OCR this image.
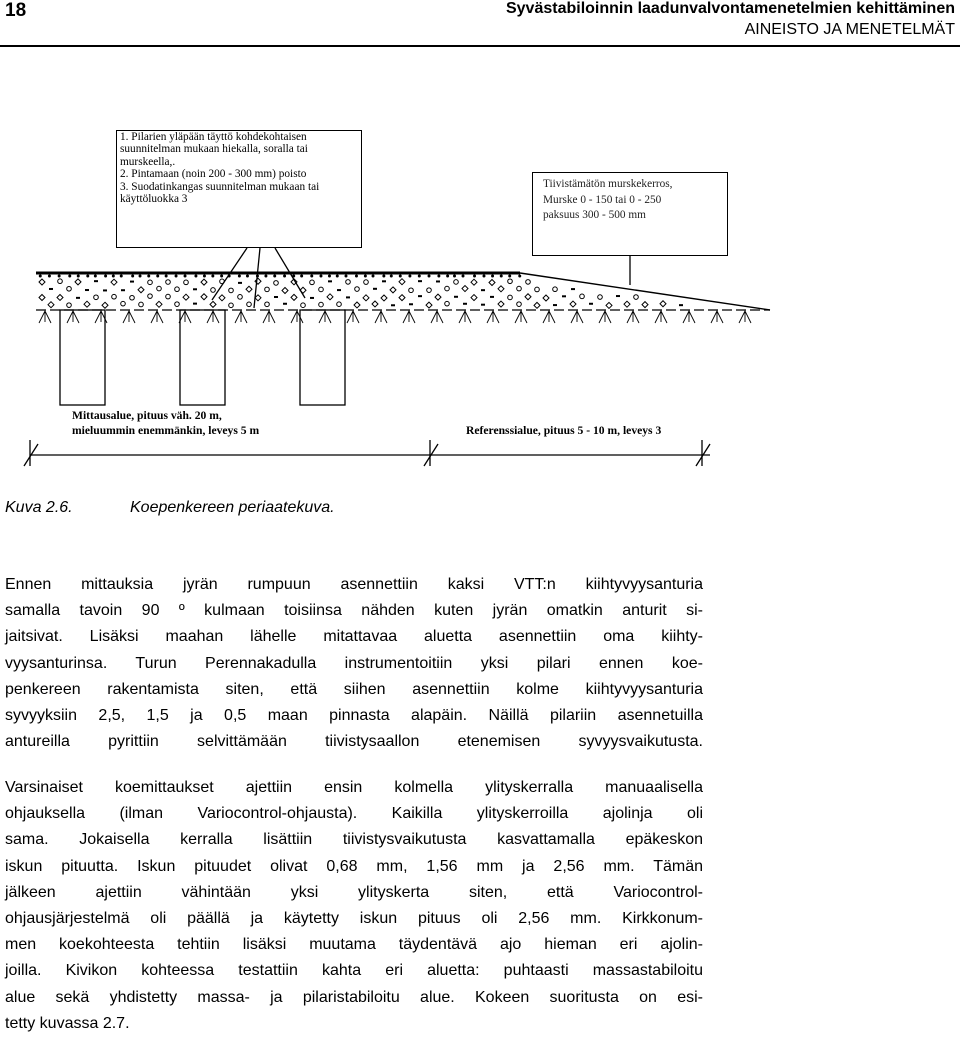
18	Syvästabiloinnin laadunvalvontamenetelmien kehittäminen
AINEISTO JA MENETELMÄT
1. Pilarien yläpään täyttö kohdekohtaisen
suunnitelman mukaan hiekalla, soralla tai
murskeella,.
2. Pintamaan (noin 200 - 300 mm) poisto
3. Suodatinkangas suunnitelman mukaan tai
käyttöluokka 3
Tiivistämätön murskekerros,
Murske 0 - 150 tai 0 - 250
paksuus 300 - 500 mm
Mittausalue, pituus väh. 20 m,
mieluummin enemmänkin, leveys 5 m	Referenssialue, pituus 5 - 10 m, leveys 3
Kuva 2.6.	Koepenkereen periaatekuva.

Ennen mittauksia jyrän rumpuun asennettiin kaksi VTT:n kiihtyvyysanturia
samalla tavoin 90 º kulmaan toisiinsa nähden kuten jyrän omatkin anturit si-
jaitsivat. Lisäksi maahan lähelle mitattavaa aluetta asennettiin oma kiihty-
vyysanturinsa. Turun Perennakadulla instrumentoitiin yksi pilari ennen koe-
penkereen rakentamista siten, että siihen asennettiin kolme kiihtyvyysanturia
syvyyksiin 2,5, 1,5 ja 0,5 maan pinnasta alapäin. Näillä pilariin asennetuilla
antureilla pyrittiin selvittämään tiivistysaallon etenemisen syvyysvaikutusta.

Varsinaiset koemittaukset ajettiin ensin kolmella ylityskerralla manuaalisella
ohjauksella (ilman Variocontrol-ohjausta). Kaikilla ylityskerroilla ajolinja oli
sama. Jokaisella kerralla lisättiin tiivistysvaikutusta kasvattamalla epäkeskon
iskun pituutta. Iskun pituudet olivat 0,68 mm, 1,56 mm ja 2,56 mm. Tämän
jälkeen ajettiin vähintään yksi ylityskerta siten, että Variocontrol-
ohjausjärjestelmä oli päällä ja käytetty iskun pituus oli 2,56 mm. Kirkkonum-
men koekohteesta tehtiin lisäksi muutama täydentävä ajo hieman eri ajolin-
joilla. Kivikon kohteessa testattiin kahta eri aluetta: puhtaasti massastabiloitu
alue sekä yhdistetty massa- ja pilaristabiloitu alue. Kokeen suoritusta on esi-
tetty kuvassa 2.7.
